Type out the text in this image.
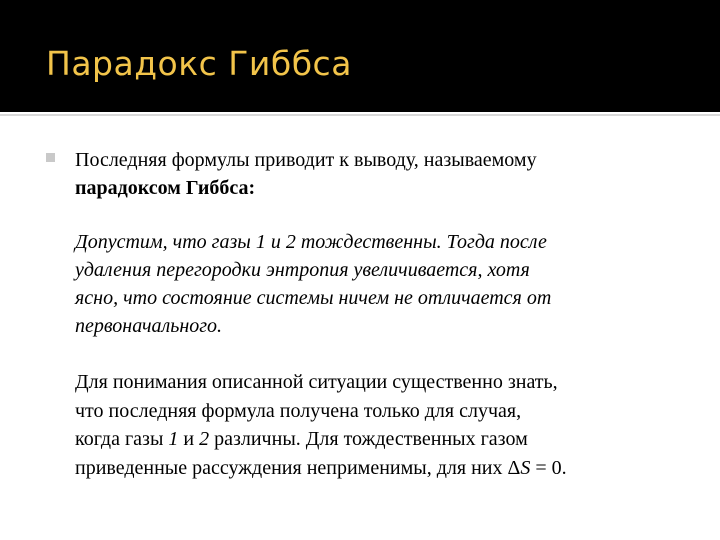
Парадокс Гиббса
Последняя формулы приводит к выводу, называемому
парадоксом Гиббса:
Допустим, что газы 1 и 2 тождественны. Тогда после
удаления перегородки энтропия увеличивается, хотя
ясно, что состояние системы ничем не отличается от
первоначального.
Для понимания описанной ситуации существенно знать,
что последняя формула получена только для случая,
когда газы 1 и 2 различны. Для тождественных газом
приведенные рассуждения неприменимы, для них ΔS = 0.
